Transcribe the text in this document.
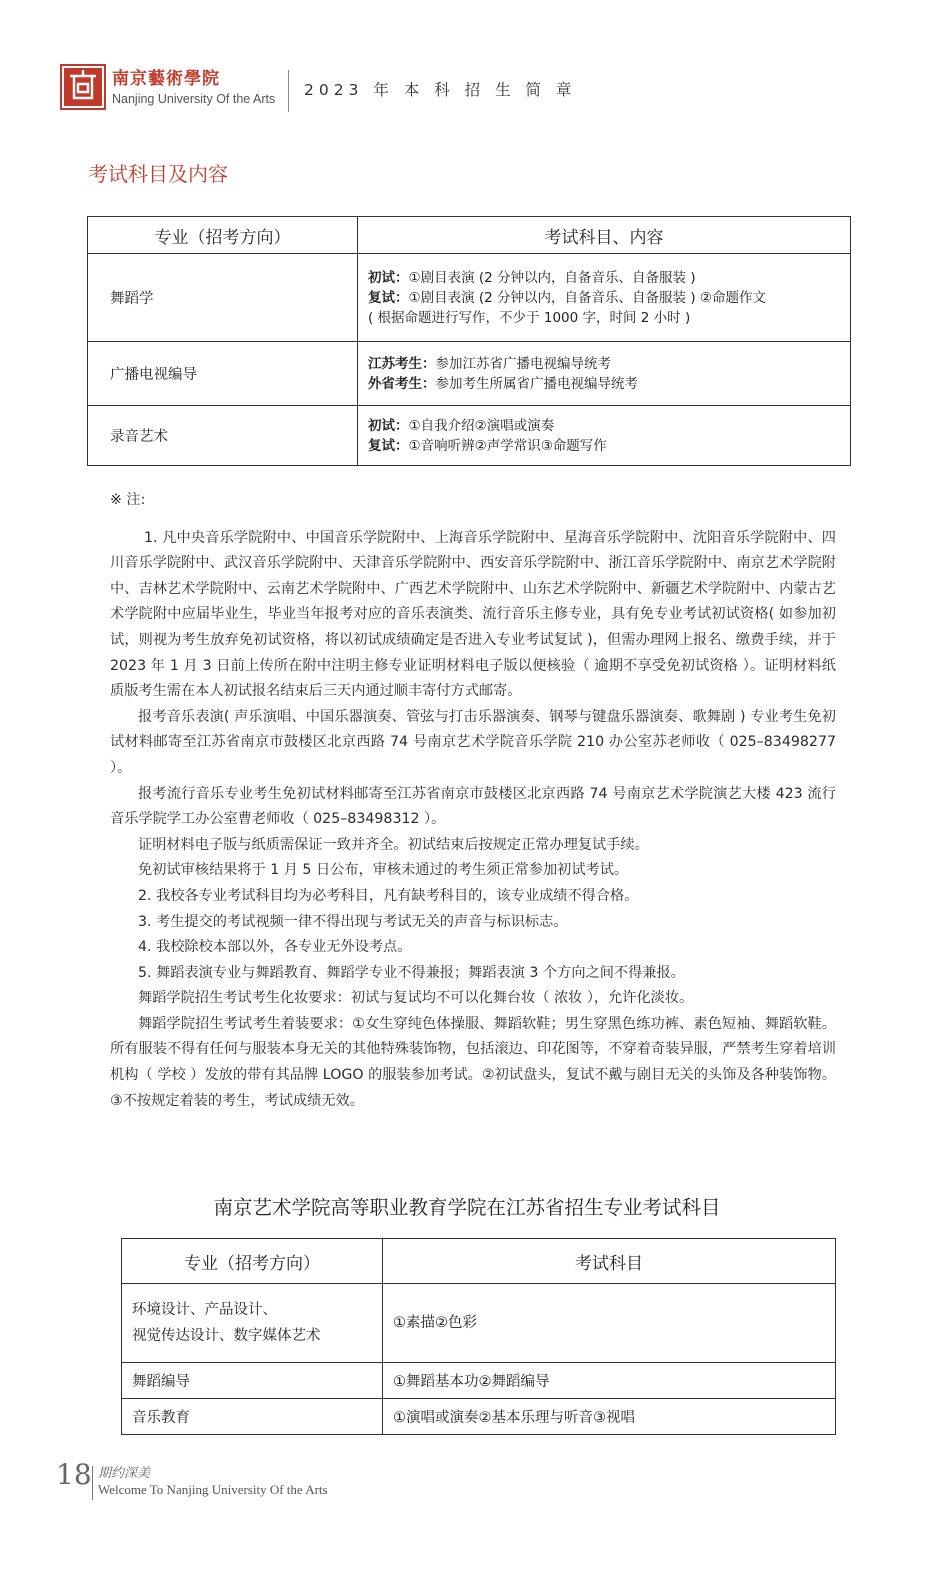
南京藝術學院
Nanjing University Of the Arts 2023 年 本 科 招 生 简 章
考试科目及内容
专业（招考方向）	考试科目、内容
舞蹈学	初试：①剧目表演 (2 分钟以内，自备音乐、自备服装 )
复试：①剧目表演 (2 分钟以内，自备音乐、自备服装 ) ②命题作文
( 根据命题进行写作，不少于 1000 字，时间 2 小时 )

广播电视编导	江苏考生：参加江苏省广播电视编导统考
外省考生：参加考生所属省广播电视编导统考

录音艺术	初试：①自我介绍②演唱或演奏
复试：①音响听辨②声学常识③命题写作

※ 注:

1. 凡中央音乐学院附中、中国音乐学院附中、上海音乐学院附中、星海音乐学院附中、沈阳音乐学院附中、四川音乐学院附中、武汉音乐学院附中、天津音乐学院附中、西安音乐学院附中、浙江音乐学院附中、南京艺术学院附中、吉林艺术学院附中、云南艺术学院附中、广西艺术学院附中、山东艺术学院附中、新疆艺术学院附中、内蒙古艺术学院附中应届毕业生，毕业当年报考对应的音乐表演类、流行音乐主修专业，具有免专业考试初试资格( 如参加初试，则视为考生放弃免初试资格，将以初试成绩确定是否进入专业考试复试 )，但需办理网上报名、缴费手续，并于 2023 年 1 月 3 日前上传所在附中注明主修专业证明材料电子版以便核验（ 逾期不享受免初试资格 ）。证明材料纸质版考生需在本人初试报名结束后三天内通过顺丰寄付方式邮寄。

报考音乐表演( 声乐演唱、中国乐器演奏、管弦与打击乐器演奏、钢琴与键盘乐器演奏、歌舞剧 ) 专业考生免初试材料邮寄至江苏省南京市鼓楼区北京西路 74 号南京艺术学院音乐学院 210 办公室苏老师收（ 025–83498277 ）。

报考流行音乐专业考生免初试材料邮寄至江苏省南京市鼓楼区北京西路 74 号南京艺术学院演艺大楼 423 流行音乐学院学工办公室曹老师收（ 025–83498312 ）。

证明材料电子版与纸质需保证一致并齐全。初试结束后按规定正常办理复试手续。

免初试审核结果将于 1 月 5 日公布，审核未通过的考生须正常参加初试考试。

2. 我校各专业考试科目均为必考科目，凡有缺考科目的，该专业成绩不得合格。

3. 考生提交的考试视频一律不得出现与考试无关的声音与标识标志。

4. 我校除校本部以外，各专业无外设考点。

5. 舞蹈表演专业与舞蹈教育、舞蹈学专业不得兼报；舞蹈表演 3 个方向之间不得兼报。

舞蹈学院招生考试考生化妆要求：初试与复试均不可以化舞台妆（ 浓妆 ），允许化淡妆。

舞蹈学院招生考试考生着装要求：①女生穿纯色体操服、舞蹈软鞋；男生穿黑色练功裤、素色短袖、舞蹈软鞋。所有服装不得有任何与服装本身无关的其他特殊装饰物，包括滚边、印花图等，不穿着奇装异服，严禁考生穿着培训机构（ 学校 ）发放的带有其品牌 LOGO 的服装参加考试。②初试盘头，复试不戴与剧目无关的头饰及各种装饰物。③不按规定着装的考生，考试成绩无效。

南京艺术学院高等职业教育学院在江苏省招生专业考试科目
专业（招考方向）	考试科目

环境设计、产品设计、
视觉传达设计、数字媒体艺术	①素描②色彩
舞蹈编导	①舞蹈基本功②舞蹈编导
音乐教育	①演唱或演奏②基本乐理与听音③视唱
18 期约深美
Welcome To Nanjing University Of the Arts
